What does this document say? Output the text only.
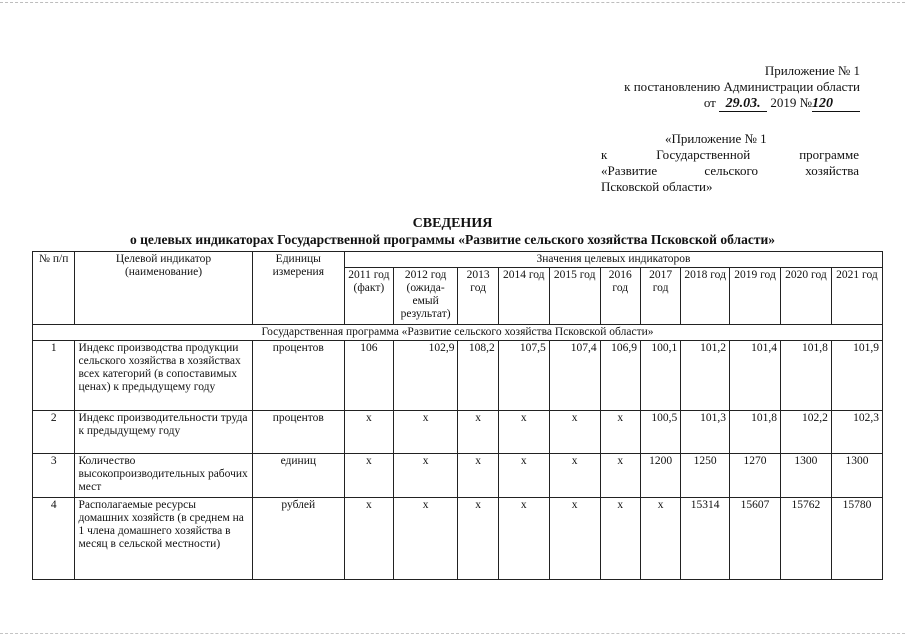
Приложение № 1
к постановлению Администрации области
от 29.03. 2019 №120
«Приложение № 1
к	Государственной	программе
«Развитие	сельского	хозяйства
Псковской области»
СВЕДЕНИЯ
о целевых индикаторах Государственной программы «Развитие сельского хозяйства Псковской области»
№ п/п	Целевой индикатор (наименование)	Единицы измерения	Значения целевых индикаторов										
			2011 год (факт)	2012 год (ожида-емый результат)	2013 год	2014 год	2015 год	2016 год	2017 год	2018 год	2019 год	2020 год	2021 год
Государственная программа «Развитие сельского хозяйства Псковской области»													
1	Индекс производства продукции сельского хозяйства в хозяйствах всех категорий (в сопоставимых ценах) к предыдущему году	процентов	106	102,9	108,2	107,5	107,4	106,9	100,1	101,2	101,4	101,8	101,9
2	Индекс производительности труда к предыдущему году	процентов	х	х	х	х	х	х	100,5	101,3	101,8	102,2	102,3
3	Количество высокопроизводительных рабочих мест	единиц	х	х	х	х	х	х	1200	1250	1270	1300	1300
4	Располагаемые ресурсы домашних хозяйств (в среднем на 1 члена домашнего хозяйства в месяц в сельской местности)	рублей	х	х	х	х	х	х	х	15314	15607	15762	15780
